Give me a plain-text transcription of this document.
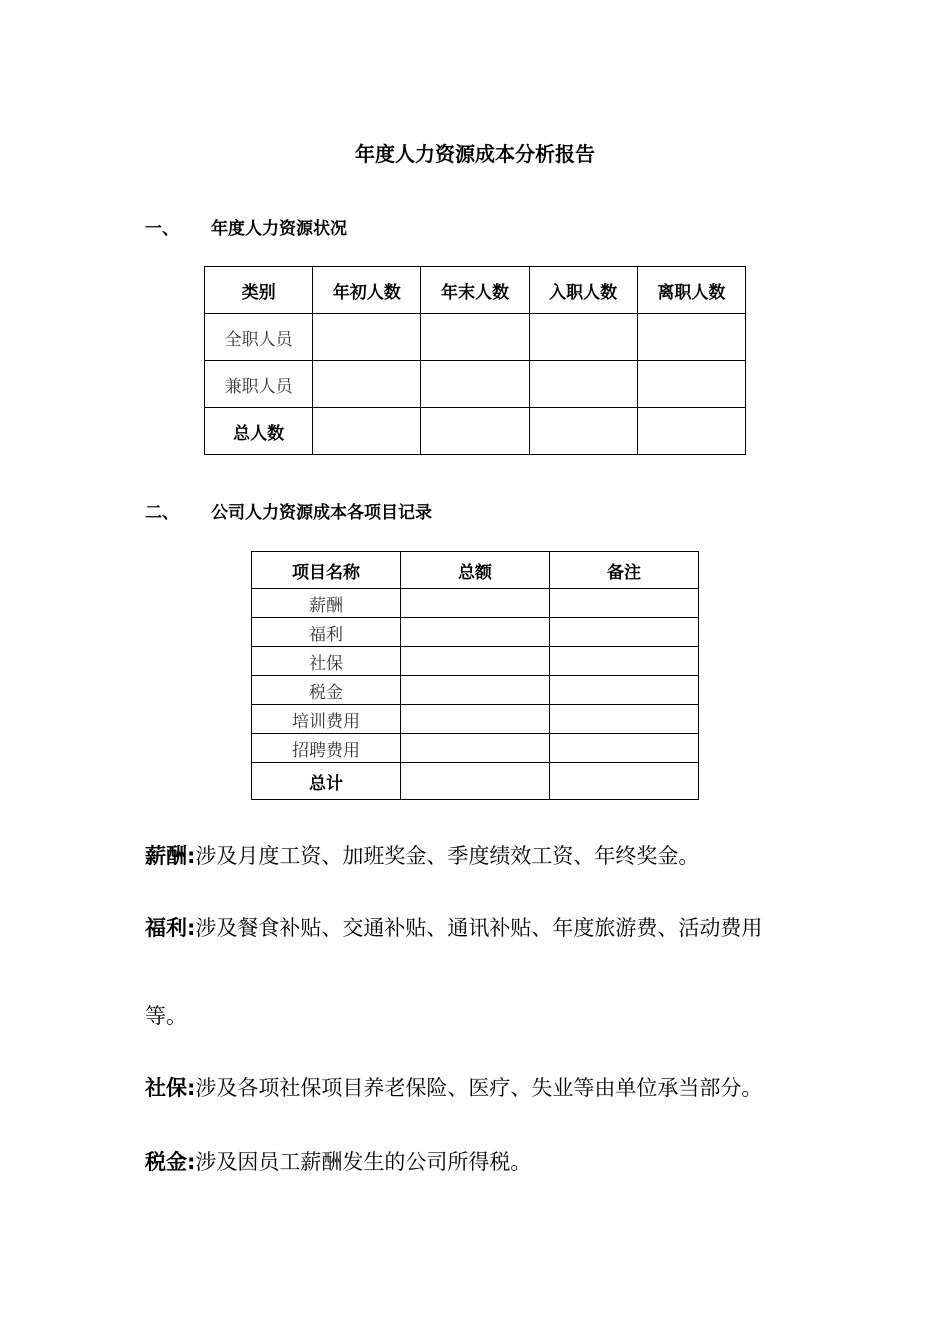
年度人力资源成本分析报告
一、 年度人力资源状况
类别	年初人数	年末人数	入职人数	离职人数
全职人员				
兼职人员				
总人数				
二、 公司人力资源成本各项目记录
项目名称	总额	备注
薪酬		
福利		
社保		
税金		
培训费用		
招聘费用		
总计		
薪酬:涉及月度工资、加班奖金、季度绩效工资、年终奖金。
福利:涉及餐食补贴、交通补贴、通讯补贴、年度旅游费、活动费用
等。
社保:涉及各项社保项目养老保险、医疗、失业等由单位承当部分。
税金:涉及因员工薪酬发生的公司所得税。
